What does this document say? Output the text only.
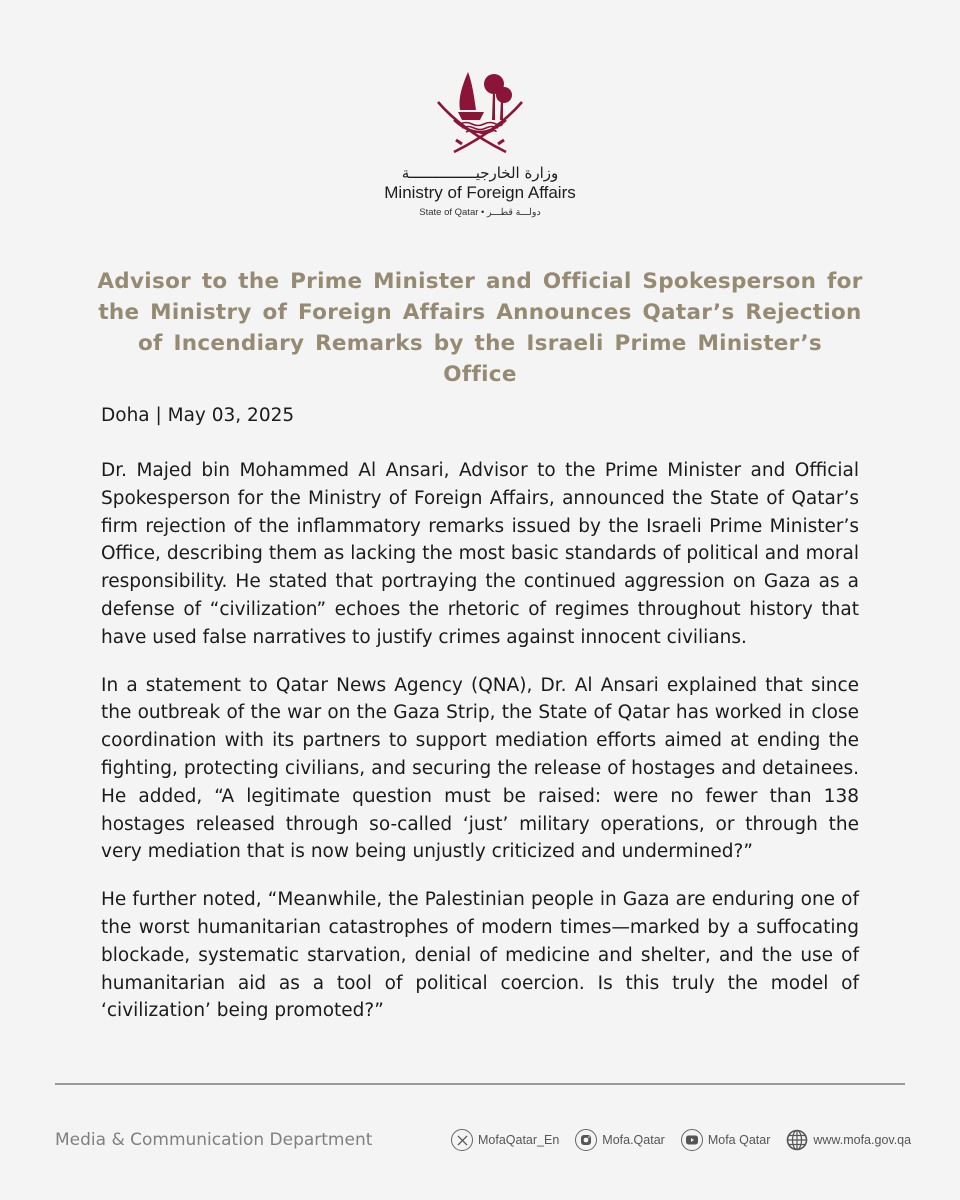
وزارة الخارجيـــــــــــــــة
Ministry of Foreign Affairs
State of Qatar • دولـــة قطـــر
Advisor to the Prime Minister and Official Spokesperson for the Ministry of Foreign Affairs Announces Qatar’s Rejection of Incendiary Remarks by the Israeli Prime Minister’s Office
Doha | May 03, 2025

Dr. Majed bin Mohammed Al Ansari, Advisor to the Prime Minister and Official Spokesperson for the Ministry of Foreign Affairs, announced the State of Qatar’s firm rejection of the inflammatory remarks issued by the Israeli Prime Minister’s Office, describing them as lacking the most basic standards of political and moral responsibility. He stated that portraying the continued aggression on Gaza as a defense of “civilization” echoes the rhetoric of regimes throughout history that have used false narratives to justify crimes against innocent civilians.

In a statement to Qatar News Agency (QNA), Dr. Al Ansari explained that since the outbreak of the war on the Gaza Strip, the State of Qatar has worked in close coordination with its partners to support mediation efforts aimed at ending the fighting, protecting civilians, and securing the release of hostages and detainees. He added, “A legitimate question must be raised: were no fewer than 138 hostages released through so-called ‘just’ military operations, or through the very mediation that is now being unjustly criticized and undermined?”

He further noted, “Meanwhile, the Palestinian people in Gaza are enduring one of the worst humanitarian catastrophes of modern times—marked by a suffocating blockade, systematic starvation, denial of medicine and shelter, and the use of humanitarian aid as a tool of political coercion. Is this truly the model of ‘civilization’ being promoted?”

Media & Communication Department	MofaQatar_En	Mofa.Qatar	Mofa Qatar	www.mofa.gov.qa
